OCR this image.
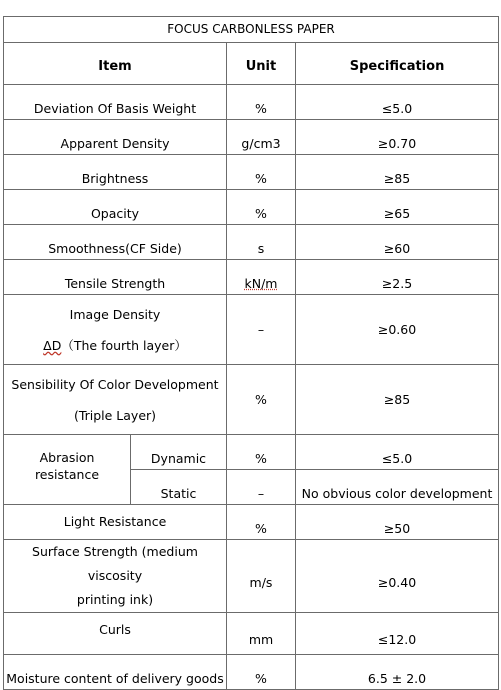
FOCUS CARBONLESS PAPER			
Item		Unit	Specification
Deviation Of Basis Weight		%	≤5.0
Apparent Density		g/cm3	≥0.70
Brightness		%	≥85
Opacity		%	≥65
Smoothness(CF Side)		s	≥60
Tensile Strength		kN/m	≥2.5

Image Density
ΔD（The fourth layer）		–	≥0.60

Sensibility Of Color Development
(Triple Layer)		%	≥85
Abrasion resistance	Dynamic	%	≤5.0
	Static	–	No obvious color development
Light Resistance		%	≥50

Surface Strength (medium viscosity
printing ink)		m/s	≥0.40
Curls		mm	≤12.0
Moisture content of delivery goods		%	6.5 ± 2.0
